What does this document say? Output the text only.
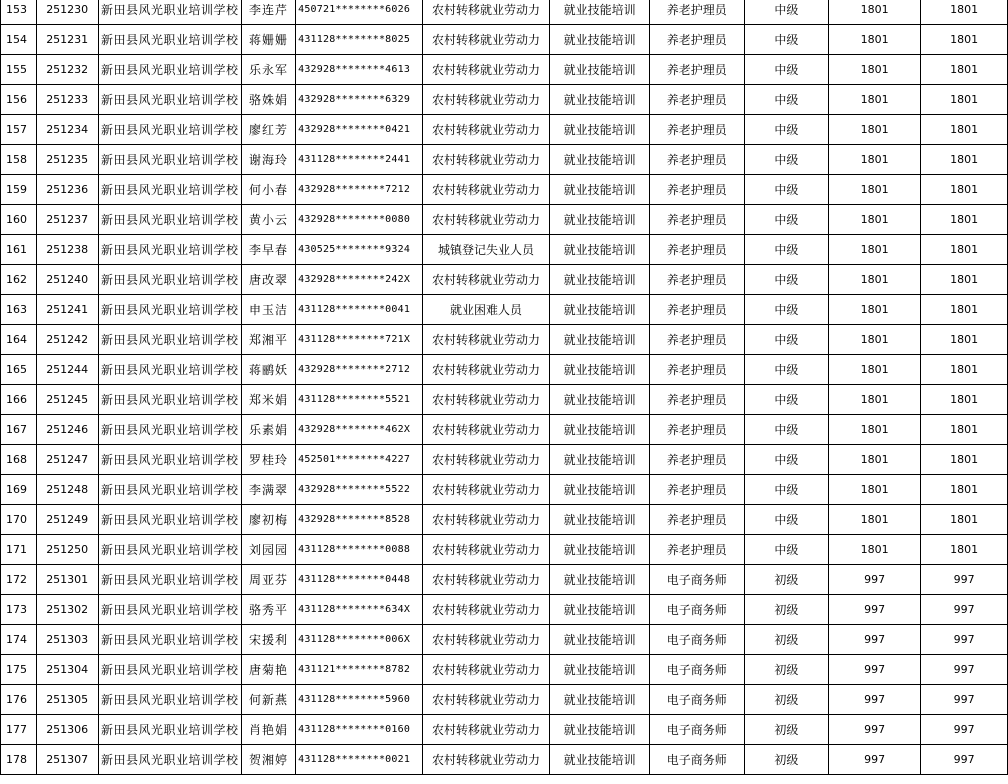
153	251230	新田县风光职业培训学校	李连芹	450721********6026	农村转移就业劳动力	就业技能培训	养老护理员	中级	1801	1801
154	251231	新田县风光职业培训学校	蒋姗姗	431128********8025	农村转移就业劳动力	就业技能培训	养老护理员	中级	1801	1801
155	251232	新田县风光职业培训学校	乐永军	432928********4613	农村转移就业劳动力	就业技能培训	养老护理员	中级	1801	1801
156	251233	新田县风光职业培训学校	骆姝娟	432928********6329	农村转移就业劳动力	就业技能培训	养老护理员	中级	1801	1801
157	251234	新田县风光职业培训学校	廖红芳	432928********0421	农村转移就业劳动力	就业技能培训	养老护理员	中级	1801	1801
158	251235	新田县风光职业培训学校	谢海玲	431128********2441	农村转移就业劳动力	就业技能培训	养老护理员	中级	1801	1801
159	251236	新田县风光职业培训学校	何小春	432928********7212	农村转移就业劳动力	就业技能培训	养老护理员	中级	1801	1801
160	251237	新田县风光职业培训学校	黄小云	432928********0080	农村转移就业劳动力	就业技能培训	养老护理员	中级	1801	1801
161	251238	新田县风光职业培训学校	李早春	430525********9324	城镇登记失业人员	就业技能培训	养老护理员	中级	1801	1801
162	251240	新田县风光职业培训学校	唐改翠	432928********242X	农村转移就业劳动力	就业技能培训	养老护理员	中级	1801	1801
163	251241	新田县风光职业培训学校	申玉洁	431128********0041	就业困难人员	就业技能培训	养老护理员	中级	1801	1801
164	251242	新田县风光职业培训学校	郑湘平	431128********721X	农村转移就业劳动力	就业技能培训	养老护理员	中级	1801	1801
165	251244	新田县风光职业培训学校	蒋鹂妖	432928********2712	农村转移就业劳动力	就业技能培训	养老护理员	中级	1801	1801
166	251245	新田县风光职业培训学校	郑米娟	431128********5521	农村转移就业劳动力	就业技能培训	养老护理员	中级	1801	1801
167	251246	新田县风光职业培训学校	乐素娟	432928********462X	农村转移就业劳动力	就业技能培训	养老护理员	中级	1801	1801
168	251247	新田县风光职业培训学校	罗桂玲	452501********4227	农村转移就业劳动力	就业技能培训	养老护理员	中级	1801	1801
169	251248	新田县风光职业培训学校	李满翠	432928********5522	农村转移就业劳动力	就业技能培训	养老护理员	中级	1801	1801
170	251249	新田县风光职业培训学校	廖初梅	432928********8528	农村转移就业劳动力	就业技能培训	养老护理员	中级	1801	1801
171	251250	新田县风光职业培训学校	刘园园	431128********0088	农村转移就业劳动力	就业技能培训	养老护理员	中级	1801	1801
172	251301	新田县风光职业培训学校	周亚芬	431128********0448	农村转移就业劳动力	就业技能培训	电子商务师	初级	997	997
173	251302	新田县风光职业培训学校	骆秀平	431128********634X	农村转移就业劳动力	就业技能培训	电子商务师	初级	997	997
174	251303	新田县风光职业培训学校	宋援利	431128********006X	农村转移就业劳动力	就业技能培训	电子商务师	初级	997	997
175	251304	新田县风光职业培训学校	唐菊艳	431121********8782	农村转移就业劳动力	就业技能培训	电子商务师	初级	997	997
176	251305	新田县风光职业培训学校	何新燕	431128********5960	农村转移就业劳动力	就业技能培训	电子商务师	初级	997	997
177	251306	新田县风光职业培训学校	肖艳娟	431128********0160	农村转移就业劳动力	就业技能培训	电子商务师	初级	997	997
178	251307	新田县风光职业培训学校	贺湘婷	431128********0021	农村转移就业劳动力	就业技能培训	电子商务师	初级	997	997
